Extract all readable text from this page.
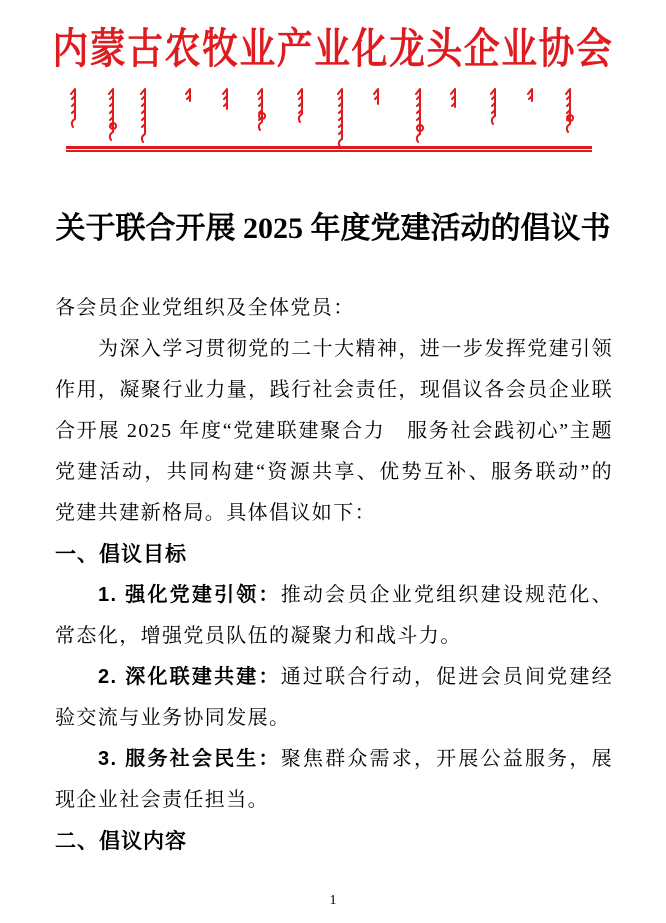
内蒙古农牧业产业化龙头企业协会
关于联合开展 2025 年度党建活动的倡议书
各会员企业党组织及全体党员：
为深入学习贯彻党的二十大精神，进一步发挥党建引领
作用，凝聚行业力量，践行社会责任，现倡议各会员企业联
合开展 2025 年度“党建联建聚合力　服务社会践初心”主题
党建活动，共同构建“资源共享、优势互补、服务联动”的
党建共建新格局。具体倡议如下：
一、倡议目标
1. 强化党建引领：推动会员企业党组织建设规范化、
常态化，增强党员队伍的凝聚力和战斗力。
2. 深化联建共建：通过联合行动，促进会员间党建经
验交流与业务协同发展。
3. 服务社会民生：聚焦群众需求，开展公益服务，展
现企业社会责任担当。
二、倡议内容
1
